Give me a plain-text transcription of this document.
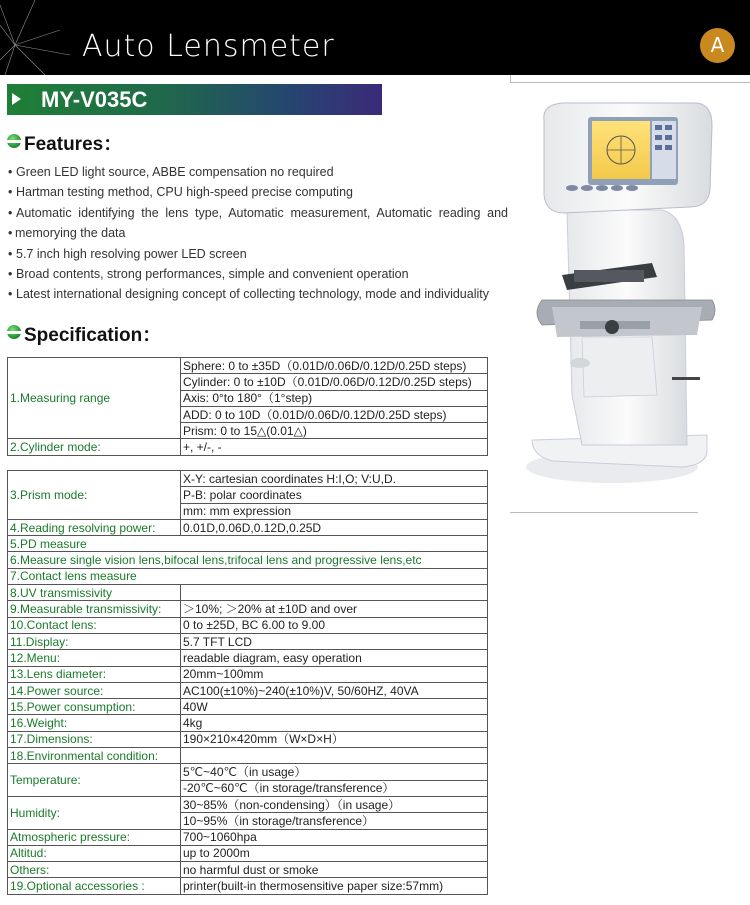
Auto Lensmeter	A
MY-V035C
Features：
• Green LED light source, ABBE compensation no required
• Hartman testing method, CPU high-speed precise computing
• Automatic identifying the lens type, Automatic measurement, Automatic reading and
• memorying the data
• 5.7 inch high resolving power LED screen
• Broad contents, strong performances, simple and convenient operation
• Latest international designing concept of collecting technology, mode and individuality
Specification：
1.Measuring range	Sphere: 0 to ±35D（0.01D/0.06D/0.12D/0.25D steps)
	Cylinder: 0 to ±10D（0.01D/0.06D/0.12D/0.25D steps)
	Axis: 0°to 180°（1°step)
	ADD: 0 to 10D（0.01D/0.06D/0.12D/0.25D steps)
	Prism: 0 to 15△(0.01△)
2.Cylinder mode:	+, +/-, -
3.Prism mode:	X-Y: cartesian coordinates H:I,O; V:U,D.
	P-B: polar coordinates
	mm: mm expression
4.Reading resolving power:	0.01D,0.06D,0.12D,0.25D
5.PD measure	
6.Measure single vision lens,bifocal lens,trifocal lens and progressive lens,etc	
7.Contact lens measure	
8.UV transmissivity	
9.Measurable transmissivity:	＞10%; ＞20% at ±10D and over
10.Contact lens:	0 to ±25D, BC 6.00 to 9.00
11.Display:	5.7 TFT LCD
12.Menu:	readable diagram, easy operation
13.Lens diameter:	20mm~100mm
14.Power source:	AC100(±10%)~240(±10%)V, 50/60HZ, 40VA
15.Power consumption:	40W
16.Weight:	4kg
17.Dimensions:	190×210×420mm（W×D×H）
18.Environmental condition:	
Temperature:	5℃~40℃（in usage）
	-20℃~60℃（in storage/transference）
Humidity:	30~85%（non-condensing）（in usage）
	10~95%（in storage/transference）
Atmospheric pressure:	700~1060hpa
Altitud:	up to 2000m
Others:	no harmful dust or smoke
19.Optional accessories :	printer(built-in thermosensitive paper size:57mm)
